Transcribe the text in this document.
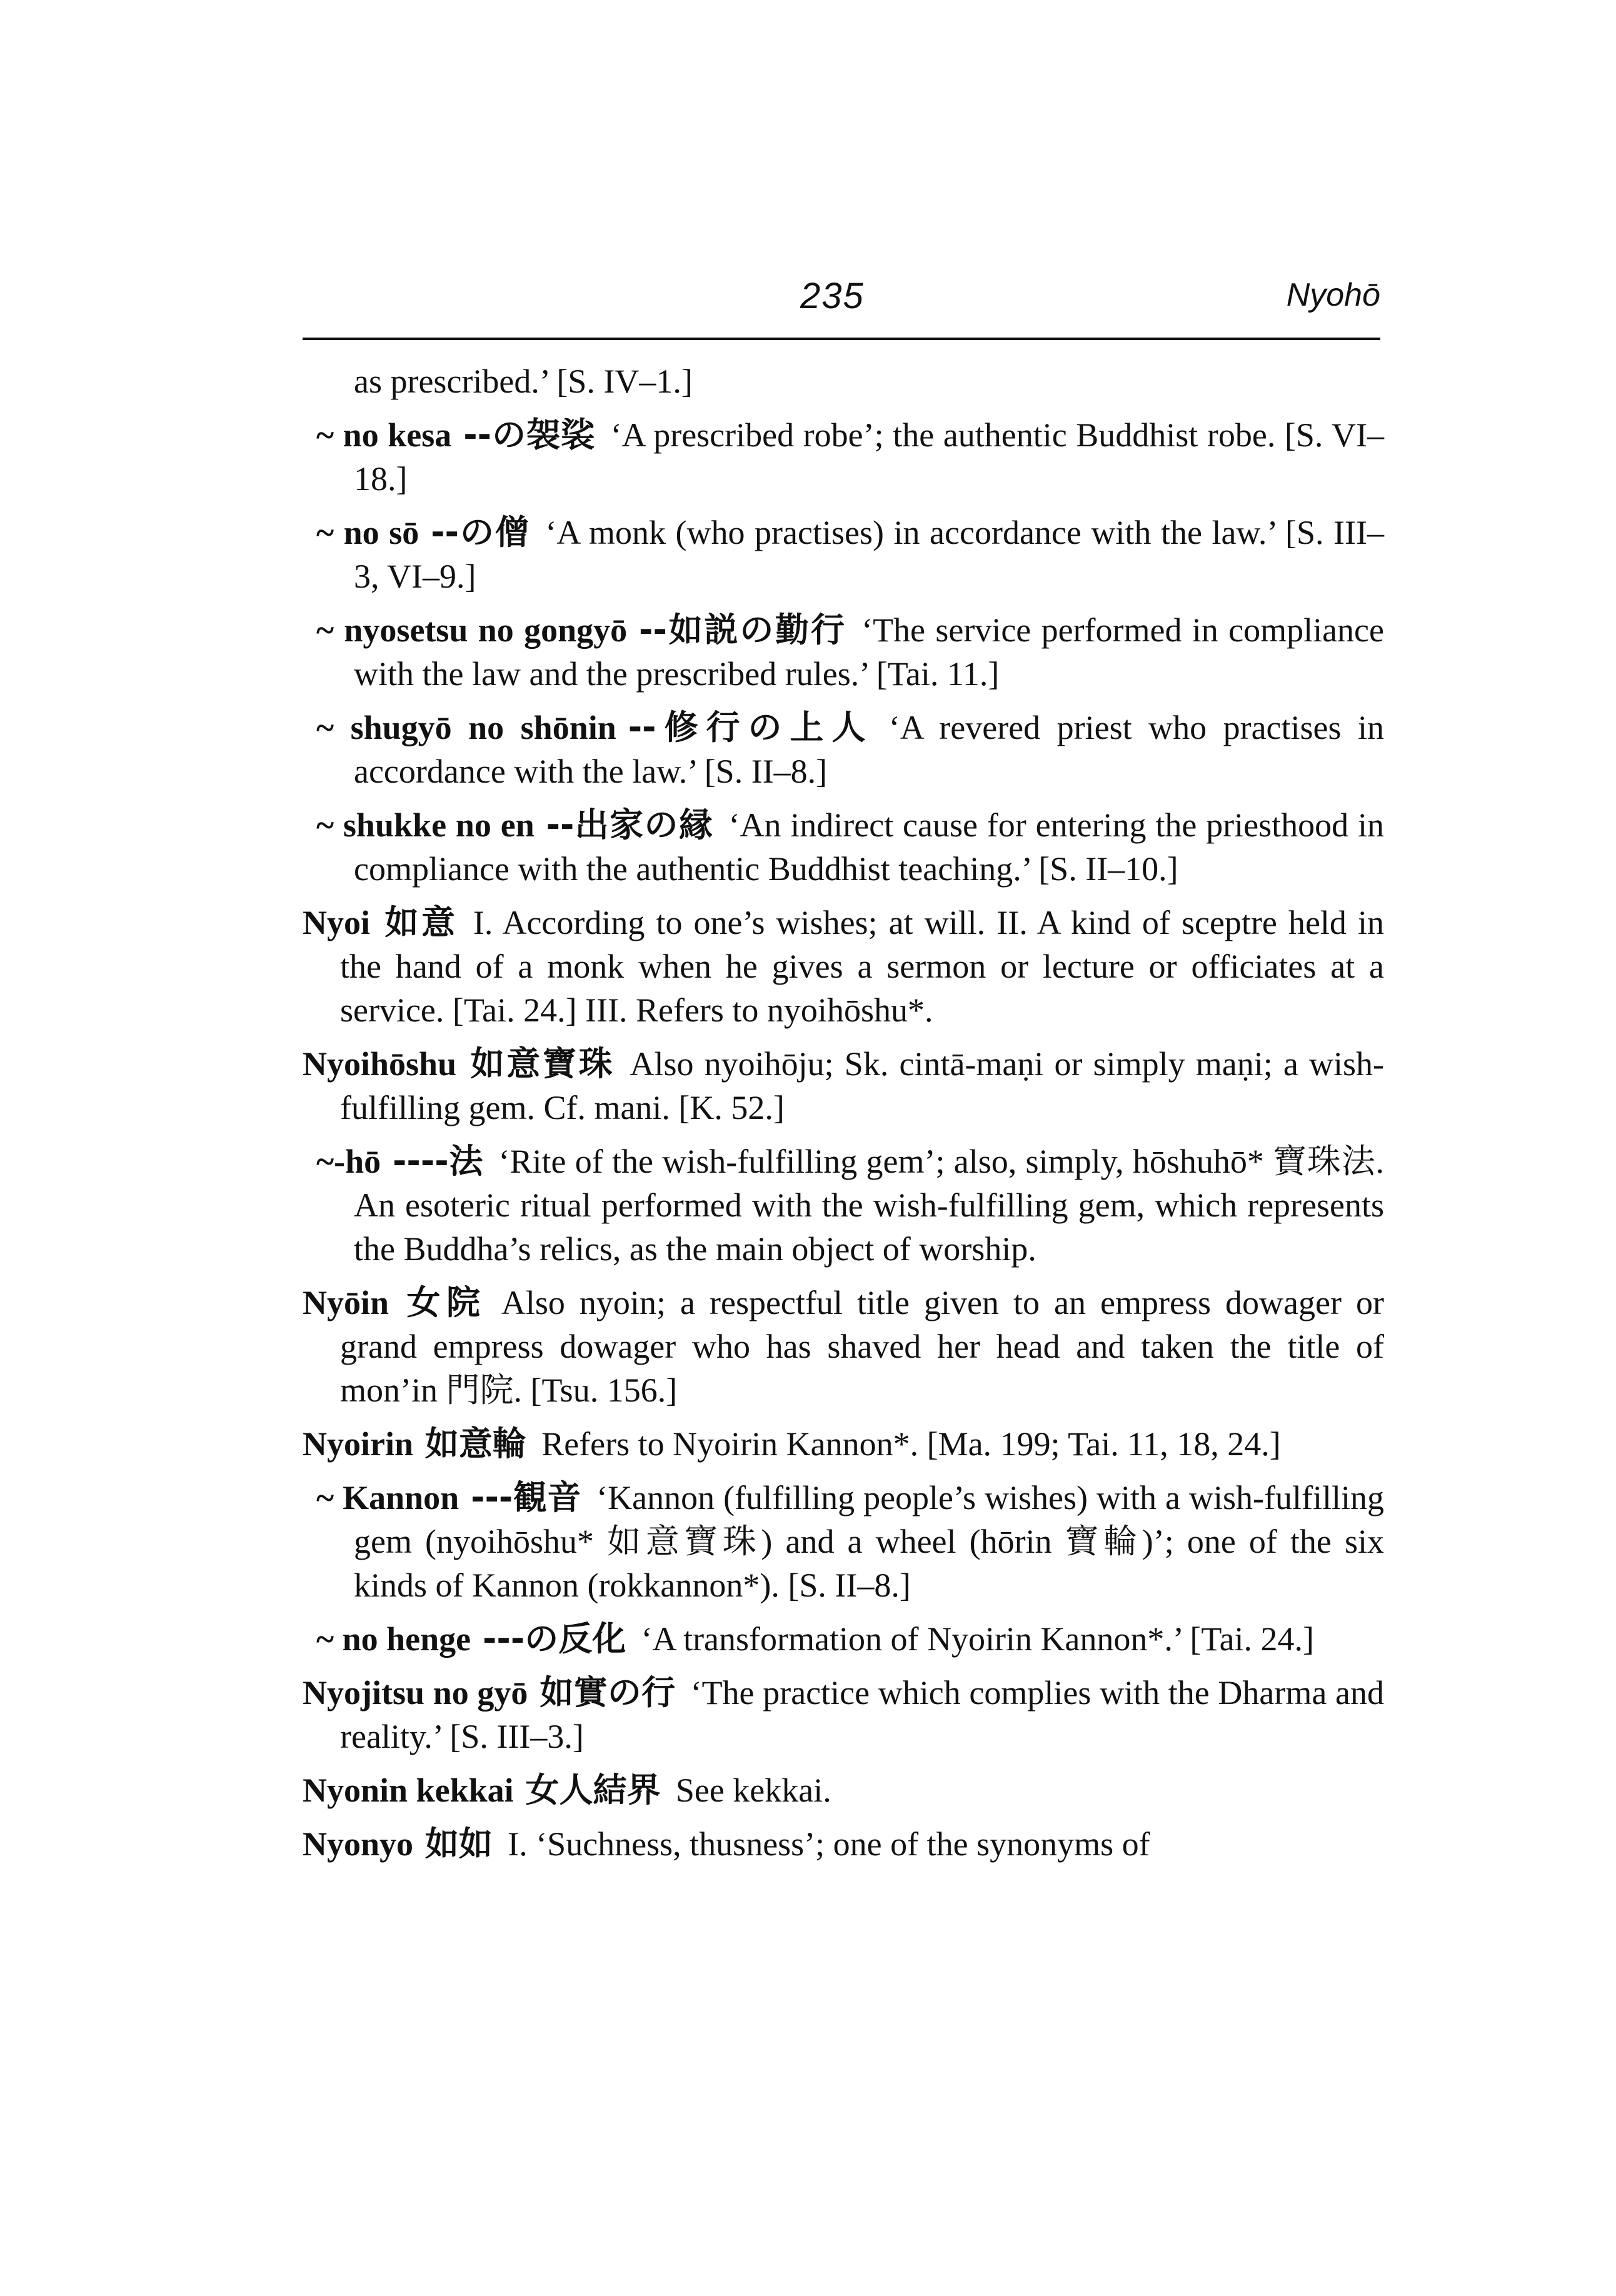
235	Nyohō

as prescribed.’ [S. IV–1.]

~ no kesa --の袈裟 ‘A prescribed robe’; the authentic Buddhist robe. [S. VI–18.]

~ no sō --の僧 ‘A monk (who practises) in accordance with the law.’ [S. III–3, VI–9.]

~ nyosetsu no gongyō --如説の勤行 ‘The service performed in compliance with the law and the prescribed rules.’ [Tai. 11.]

~ shugyō no shōnin --修行の上人 ‘A revered priest who practises in accordance with the law.’ [S. II–8.]

~ shukke no en --出家の縁 ‘An indirect cause for entering the priesthood in compliance with the authentic Buddhist teaching.’ [S. II–10.]

Nyoi 如意 I. According to one’s wishes; at will. II. A kind of sceptre held in the hand of a monk when he gives a sermon or lecture or officiates at a service. [Tai. 24.] III. Refers to nyoihōshu*.

Nyoihōshu 如意寶珠 Also nyoihōju; Sk. cintā-maṇi or simply maṇi; a wish-fulfilling gem. Cf. mani. [K. 52.]

~-hō ----法 ‘Rite of the wish-fulfilling gem’; also, simply, hōshuhō* 寶珠法. An esoteric ritual performed with the wish-fulfilling gem, which represents the Buddha’s relics, as the main object of worship.

Nyōin 女院 Also nyoin; a respectful title given to an empress dowager or grand empress dowager who has shaved her head and taken the title of mon’in 門院. [Tsu. 156.]

Nyoirin 如意輪 Refers to Nyoirin Kannon*. [Ma. 199; Tai. 11, 18, 24.]

~ Kannon ---観音 ‘Kannon (fulfilling people’s wishes) with a wish-fulfilling gem (nyoihōshu* 如意寶珠) and a wheel (hōrin 寶輪)’; one of the six kinds of Kannon (rokkannon*). [S. II–8.]

~ no henge ---の反化 ‘A transformation of Nyoirin Kannon*.’ [Tai. 24.]

Nyojitsu no gyō 如實の行 ‘The practice which complies with the Dharma and reality.’ [S. III–3.]

Nyonin kekkai 女人結界 See kekkai.

Nyonyo 如如 I. ‘Suchness, thusness’; one of the synonyms of
